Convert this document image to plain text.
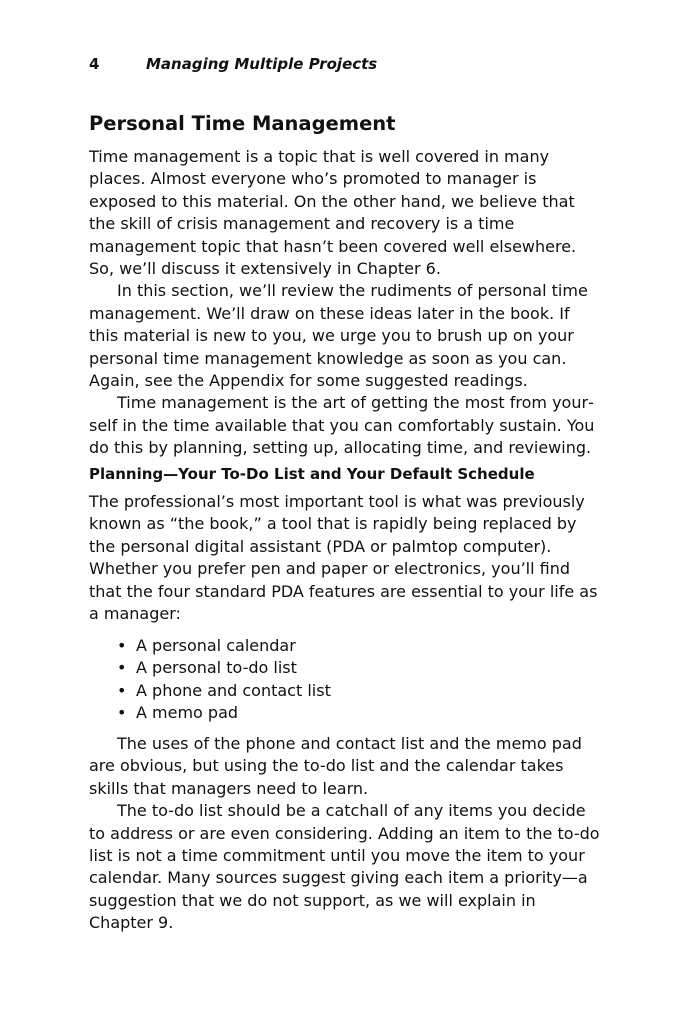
4	Managing Multiple Projects
Personal Time Management

Time management is a topic that is well covered in many places. Almost everyone who’s promoted to manager is exposed to this material. On the other hand, we believe that the skill of crisis management and recovery is a time management topic that hasn’t been covered well elsewhere. So, we’ll discuss it extensively in Chapter 6.

In this section, we’ll review the rudiments of personal time management. We’ll draw on these ideas later in the book. If this material is new to you, we urge you to brush up on your personal time management knowledge as soon as you can. Again, see the Appendix for some suggested readings.

Time management is the art of getting the most from yourself in the time available that you can comfortably sustain. You do this by planning, setting up, allocating time, and reviewing.

Planning—Your To-Do List and Your Default Schedule

The professional’s most important tool is what was previously known as “the book,” a tool that is rapidly being replaced by the personal digital assistant (PDA or palmtop computer). Whether you prefer pen and paper or electronics, you’ll find that the four standard PDA features are essential to your life as a manager:

• A personal calendar
• A personal to-do list
• A phone and contact list
• A memo pad

The uses of the phone and contact list and the memo pad are obvious, but using the to-do list and the calendar takes skills that managers need to learn.

The to-do list should be a catchall of any items you decide to address or are even considering. Adding an item to the to-do list is not a time commitment until you move the item to your calendar. Many sources suggest giving each item a priority—a suggestion that we do not support, as we will explain in Chapter 9.
